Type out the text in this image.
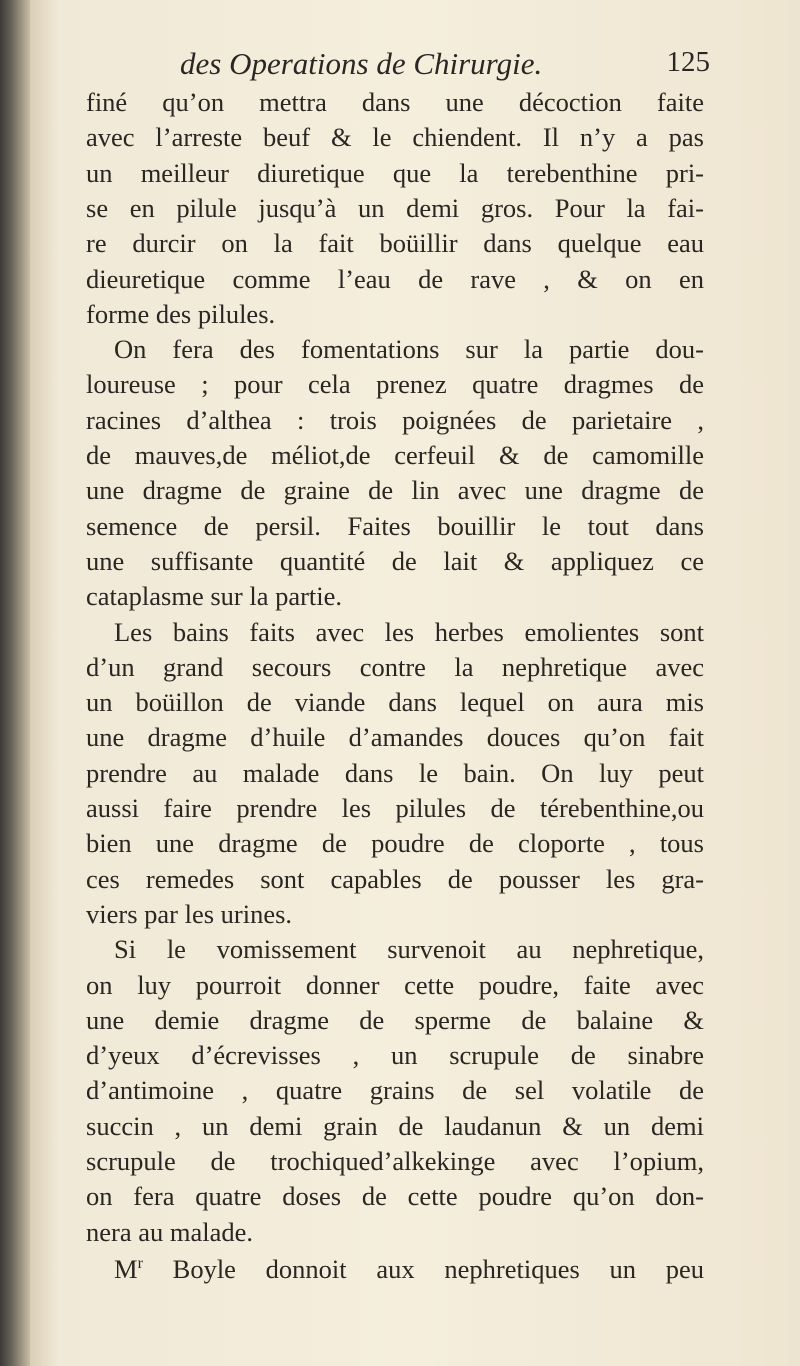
des Operations de Chirurgie.	125

finé qu’on mettra dans une décoction faite

avec l’arreste beuf & le chiendent. Il n’y a pas

un meilleur diuretique que la terebenthine pri-

se en pilule jusqu’à un demi gros. Pour la fai-

re durcir on la fait boüillir dans quelque eau

dieuretique comme l’eau de rave , & on en

forme des pilules.

On fera des fomentations sur la partie dou-

loureuse ; pour cela prenez quatre dragmes de

racines d’althea : trois poignées de parietaire ,

de mauves,de méliot,de cerfeuil & de camomille

une dragme de graine de lin avec une dragme de

semence de persil. Faites bouillir le tout dans

une suffisante quantité de lait & appliquez ce

cataplasme sur la partie.

Les bains faits avec les herbes emolientes sont

d’un grand secours contre la nephretique avec

un boüillon de viande dans lequel on aura mis

une dragme d’huile d’amandes douces qu’on fait

prendre au malade dans le bain. On luy peut

aussi faire prendre les pilules de térebenthine,ou

bien une dragme de poudre de cloporte , tous

ces remedes sont capables de pousser les gra-

viers par les urines.

Si le vomissement survenoit au nephretique,

on luy pourroit donner cette poudre, faite avec

une demie dragme de sperme de balaine &

d’yeux d’écrevisses , un scrupule de sinabre

d’antimoine , quatre grains de sel volatile de

succin , un demi grain de laudanun & un demi

scrupule de trochiqued’alkekinge avec l’opium,

on fera quatre doses de cette poudre qu’on don-

nera au malade.

$M^r$ Boyle donnoit aux nephretiques un peu
